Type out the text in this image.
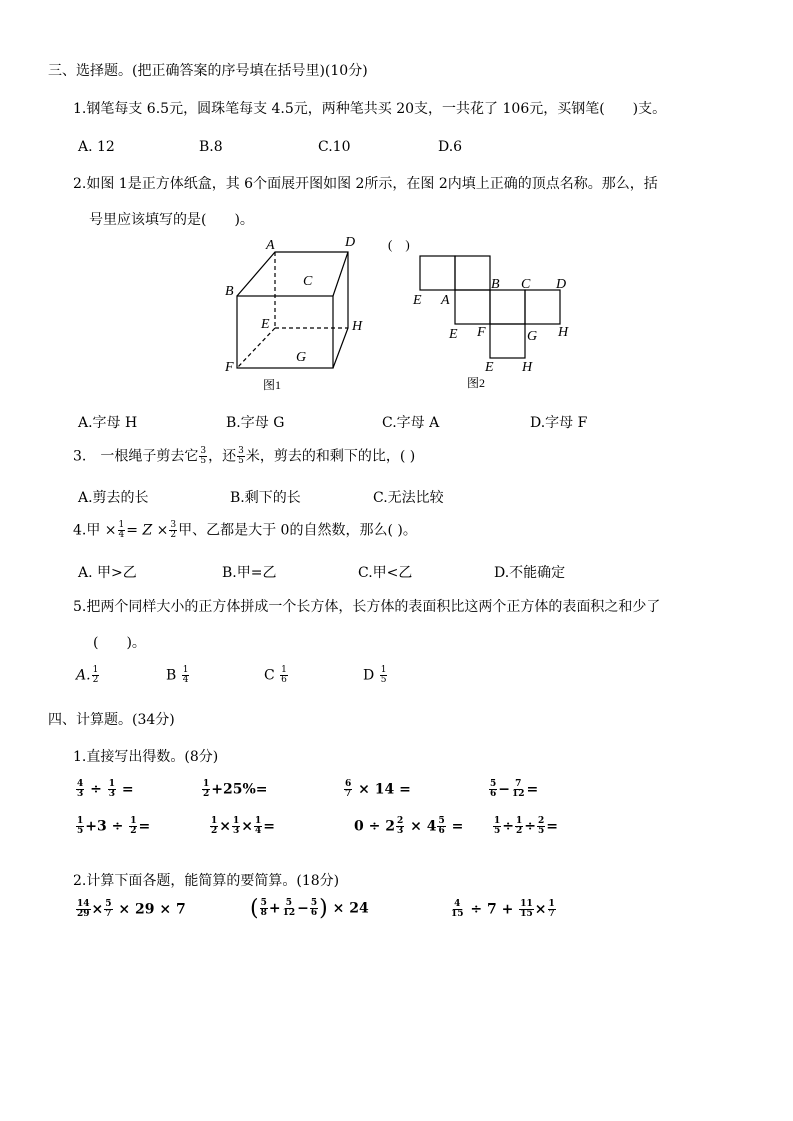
三、选择题。(把正确答案的序号填在括号里)(10分)
1.钢笔每支 6.5元，圆珠笔每支 4.5元，两种笔共买 20支，一共花了 106元，买钢笔(　　)支。
A. 12	B.8	C.10	D.6
2.如图 1是正方体纸盒，其 6个面展开图如图 2所示，在图 2内填上正确的顶点名称。那么，括
号里应该填写的是(　　)。
A	D
B
C
E	H
F
G
图1
(　)
E A
B C D
E F	G H
E H
图2
A.字母 H	B.字母 G	C.字母 A	D.字母 F
3.　一根绳子剪去它 $\frac{3}{5}$ ，还 $\frac{3}{5}$ 米，剪去的和剩下的比，( )
A.剪去的长	B.剩下的长	C.无法比较
4.甲 × $\frac{1}{4} = Z \times \frac{3}{2}$ 甲、乙都是大于 0的自然数，那么( )。
A. 甲>乙	B.甲=乙	C.甲<乙	D.不能确定
5.把两个同样大小的正方体拼成一个长方体，长方体的表面积比这两个正方体的表面积之和少了
(　　)。
A. $\frac{1}{2}$	B $\frac{1}{4}$	C $\frac{1}{6}$	D $\frac{1}{5}$
四、计算题。(34分)
1.直接写出得数。(8分)
$\frac{4}{3} \div \frac{1}{3}$ =	$\frac{1}{2} +25\%=$	$\frac{6}{7} \times 14$ =	$\frac{5}{6} - \frac{7}{12}$ =
$\frac{1}{5} +3 \div \frac{1}{2}$ =	$\frac{1}{2} \times \frac{1}{3} \times \frac{1}{4}$ =	$0 \div 2 \frac{2}{3} \times 4 \frac{5}{6}$ =	$\frac{1}{5} \div \frac{1}{2} \div \frac{2}{5}$ =
2.计算下面各题，能简算的要简算。(18分)
$\frac{14}{29} \times \frac{5}{7} \times 29 \times 7$	( $\frac{5}{8} + \frac{5}{12} - \frac{5}{6}$ ) × 24	$\frac{4}{15} \div 7 + \frac{11}{15} \times \frac{1}{7}$
